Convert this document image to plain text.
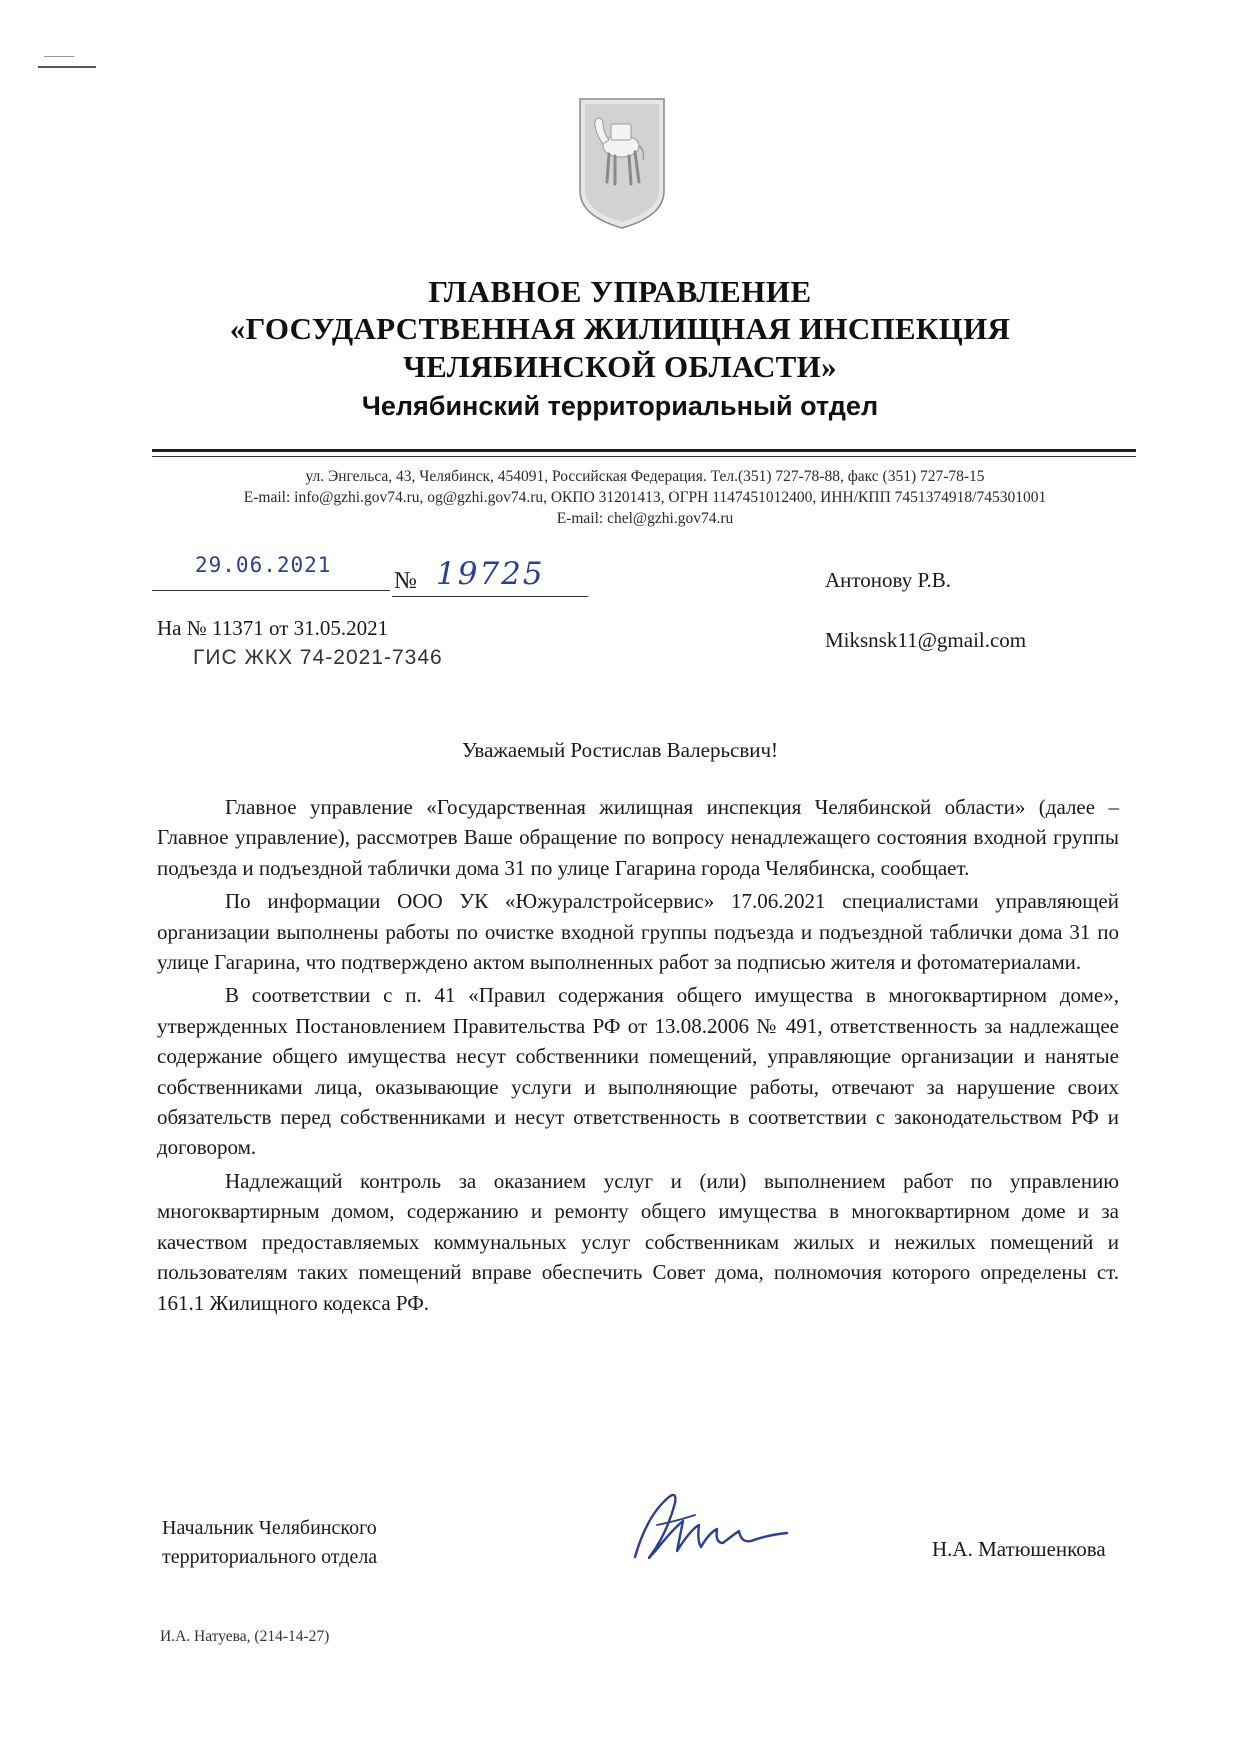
ГЛАВНОЕ УПРАВЛЕНИЕ
«ГОСУДАРСТВЕННАЯ ЖИЛИЩНАЯ ИНСПЕКЦИЯ
ЧЕЛЯБИНСКОЙ ОБЛАСТИ»
Челябинский территориальный отдел
ул. Энгельса, 43, Челябинск, 454091, Российская Федерация. Тел.(351) 727-78-88, факс (351) 727-78-15
E-mail: info@gzhi.gov74.ru, og@gzhi.gov74.ru, ОКПО 31201413, ОГРН 1147451012400, ИНН/КПП 7451374918/745301001
E-mail: chel@gzhi.gov74.ru
29.06.2021
№ 19725	Антонову Р.В.
Miksnsk11@gmail.com
На № 11371 от 31.05.2021
ГИС ЖКХ 74-2021-7346
Уважаемый Ростислав Валерьсвич!

Главное управление «Государственная жилищная инспекция Челябинской области» (далее – Главное управление), рассмотрев Ваше обращение по вопросу ненадлежащего состояния входной группы подъезда и подъездной таблички дома 31 по улице Гагарина города Челябинска, сообщает.

По информации ООО УК «Южуралстройсервис» 17.06.2021 специалистами управляющей организации выполнены работы по очистке входной группы подъезда и подъездной таблички дома 31 по улице Гагарина, что подтверждено актом выполненных работ за подписью жителя и фотоматериалами.

В соответствии с п. 41 «Правил содержания общего имущества в многоквартирном доме», утвержденных Постановлением Правительства РФ от 13.08.2006 № 491, ответственность за надлежащее содержание общего имущества несут собственники помещений, управляющие организации и нанятые собственниками лица, оказывающие услуги и выполняющие работы, отвечают за нарушение своих обязательств перед собственниками и несут ответственность в соответствии с законодательством РФ и договором.

Надлежащий контроль за оказанием услуг и (или) выполнением работ по управлению многоквартирным домом, содержанию и ремонту общего имущества в многоквартирном доме и за качеством предоставляемых коммунальных услуг собственникам жилых и нежилых помещений и пользователям таких помещений вправе обеспечить Совет дома, полномочия которого определены ст. 161.1 Жилищного кодекса РФ.

Начальник Челябинского
территориального отдела	Н.А. Матюшенкова
И.А. Натуева, (214-14-27)
